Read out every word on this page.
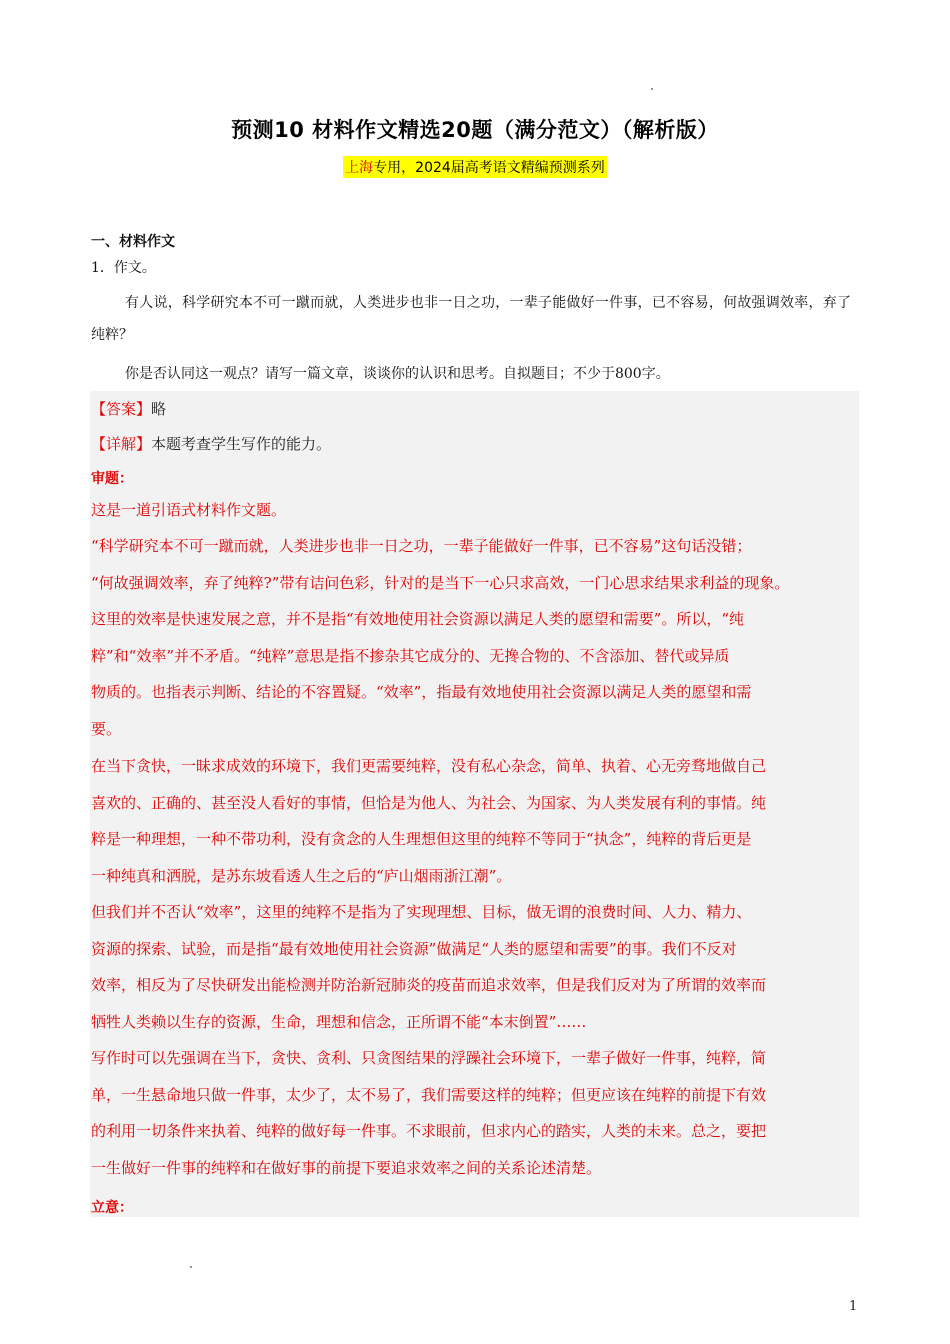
预测10 材料作文精选20题（满分范文）（解析版）
上海专用，2024届高考语文精编预测系列
一、材料作文
1．作文。
有人说，科学研究本不可一蹴而就，人类进步也非一日之功，一辈子能做好一件事，已不容易，何故强调效率，弃了纯粹？
你是否认同这一观点？请写一篇文章，谈谈你的认识和思考。自拟题目；不少于800字。
【答案】略
【详解】本题考查学生写作的能力。
审题：
这是一道引语式材料作文题。
“科学研究本不可一蹴而就，人类进步也非一日之功，一辈子能做好一件事，已不容易”这句话没错；
“何故强调效率，弃了纯粹?”带有诘问色彩，针对的是当下一心只求高效，一门心思求结果求利益的现象。
这里的效率是快速发展之意，并不是指“有效地使用社会资源以满足人类的愿望和需要”。所以，“纯
粹”和“效率”并不矛盾。“纯粹”意思是指不掺杂其它成分的、无搀合物的、不含添加、替代或异质
物质的。也指表示判断、结论的不容置疑。“效率”，指最有效地使用社会资源以满足人类的愿望和需
要。
在当下贪快，一昧求成效的环境下，我们更需要纯粹，没有私心杂念，简单、执着、心无旁骛地做自己
喜欢的、正确的、甚至没人看好的事情，但恰是为他人、为社会、为国家、为人类发展有利的事情。纯
粹是一种理想，一种不带功利，没有贪念的人生理想但这里的纯粹不等同于“执念”，纯粹的背后更是
一种纯真和洒脱，是苏东坡看透人生之后的“庐山烟雨浙江潮”。
但我们并不否认“效率”，这里的纯粹不是指为了实现理想、目标，做无谓的浪费时间、人力、精力、
资源的探索、试验，而是指“最有效地使用社会资源”做满足“人类的愿望和需要”的事。我们不反对
效率，相反为了尽快研发出能检测并防治新冠肺炎的疫苗而追求效率，但是我们反对为了所谓的效率而
牺牲人类赖以生存的资源，生命，理想和信念，正所谓不能“本末倒置”……
写作时可以先强调在当下，贪快、贪利、只贪图结果的浮躁社会环境下，一辈子做好一件事，纯粹，简
单，一生悬命地只做一件事，太少了，太不易了，我们需要这样的纯粹；但更应该在纯粹的前提下有效
的利用一切条件来执着、纯粹的做好每一件事。不求眼前，但求内心的踏实，人类的未来。总之，要把
一生做好一件事的纯粹和在做好事的前提下要追求效率之间的关系论述清楚。
立意：
1
